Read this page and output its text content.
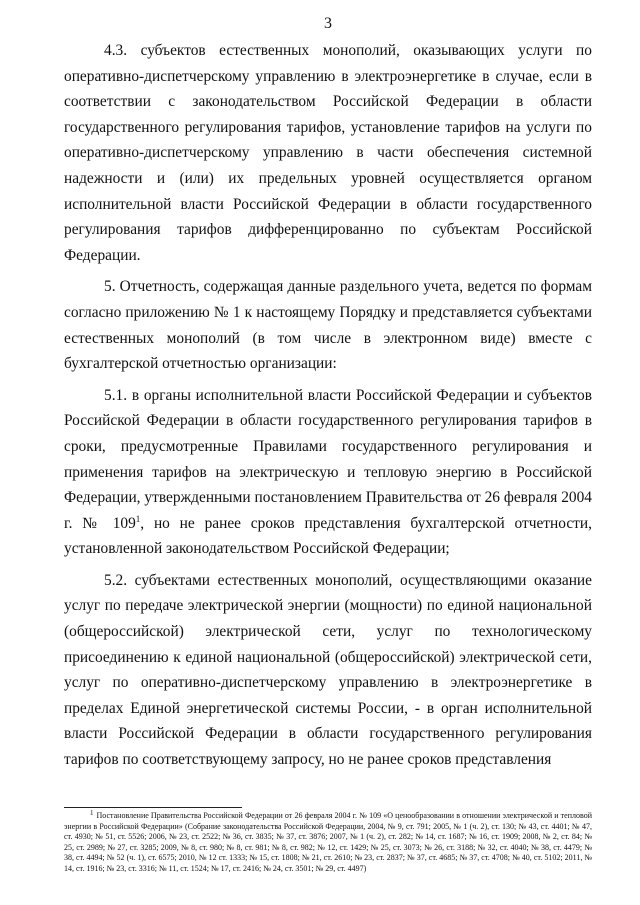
3

4.3. субъектов естественных монополий, оказывающих услуги по оперативно-диспетчерскому управлению в электроэнергетике в случае, если в соответствии с законодательством Российской Федерации в области государственного регулирования тарифов, установление тарифов на услуги по оперативно-диспетчерскому управлению в части обеспечения системной надежности и (или) их предельных уровней осуществляется органом исполнительной власти Российской Федерации в области государственного регулирования тарифов дифференцированно по субъектам Российской Федерации.

5. Отчетность, содержащая данные раздельного учета, ведется по формам согласно приложению № 1 к настоящему Порядку и представляется субъектами естественных монополий (в том числе в электронном виде) вместе с бухгалтерской отчетностью организации:

5.1. в органы исполнительной власти Российской Федерации и субъектов Российской Федерации в области государственного регулирования тарифов в сроки, предусмотренные Правилами государственного регулирования и применения тарифов на электрическую и тепловую энергию в Российской Федерации, утвержденными постановлением Правительства от 26 февраля 2004 г. № $109^1$, но не ранее сроков представления бухгалтерской отчетности, установленной законодательством Российской Федерации;

5.2. субъектами естественных монополий, осуществляющими оказание услуг по передаче электрической энергии (мощности) по единой национальной (общероссийской) электрической сети, услуг по технологическому присоединению к единой национальной (общероссийской) электрической сети, услуг по оперативно-диспетчерскому управлению в электроэнергетике в пределах Единой энергетической системы России, - в орган исполнительной власти Российской Федерации в области государственного регулирования тарифов по соответствующему запросу, но не ранее сроков представления

$^1$ Постановление Правительства Российской Федерации от 26 февраля 2004 г. № 109 «О ценообразовании в отношении электрической и тепловой энергии в Российской Федерации» (Собрание законодательства Российской Федерации, 2004, № 9, ст. 791; 2005, № 1 (ч. 2), ст. 130; № 43, ст. 4401; № 47, ст. 4930; № 51, ст. 5526; 2006, № 23, ст. 2522; № 36, ст. 3835; № 37, ст. 3876; 2007, № 1 (ч. 2), ст. 282; № 14, ст. 1687; № 16, ст. 1909; 2008, № 2, ст. 84; № 25, ст. 2989; № 27, ст. 3285; 2009, № 8, ст. 980; № 8, ст. 981; № 8, ст. 982; № 12, ст. 1429; № 25, ст. 3073; № 26, ст. 3188; № 32, ст. 4040; № 38, ст. 4479; № 38, ст. 4494; № 52 (ч. 1), ст. 6575; 2010, № 12 ст. 1333; № 15, ст. 1808; № 21, ст. 2610; № 23, ст. 2837; № 37, ст. 4685; № 37, ст. 4708; № 40, ст. 5102; 2011, № 14, ст. 1916; № 23, ст. 3316; № 11, ст. 1524; № 17, ст. 2416; № 24, ст. 3501; № 29, ст. 4497)
